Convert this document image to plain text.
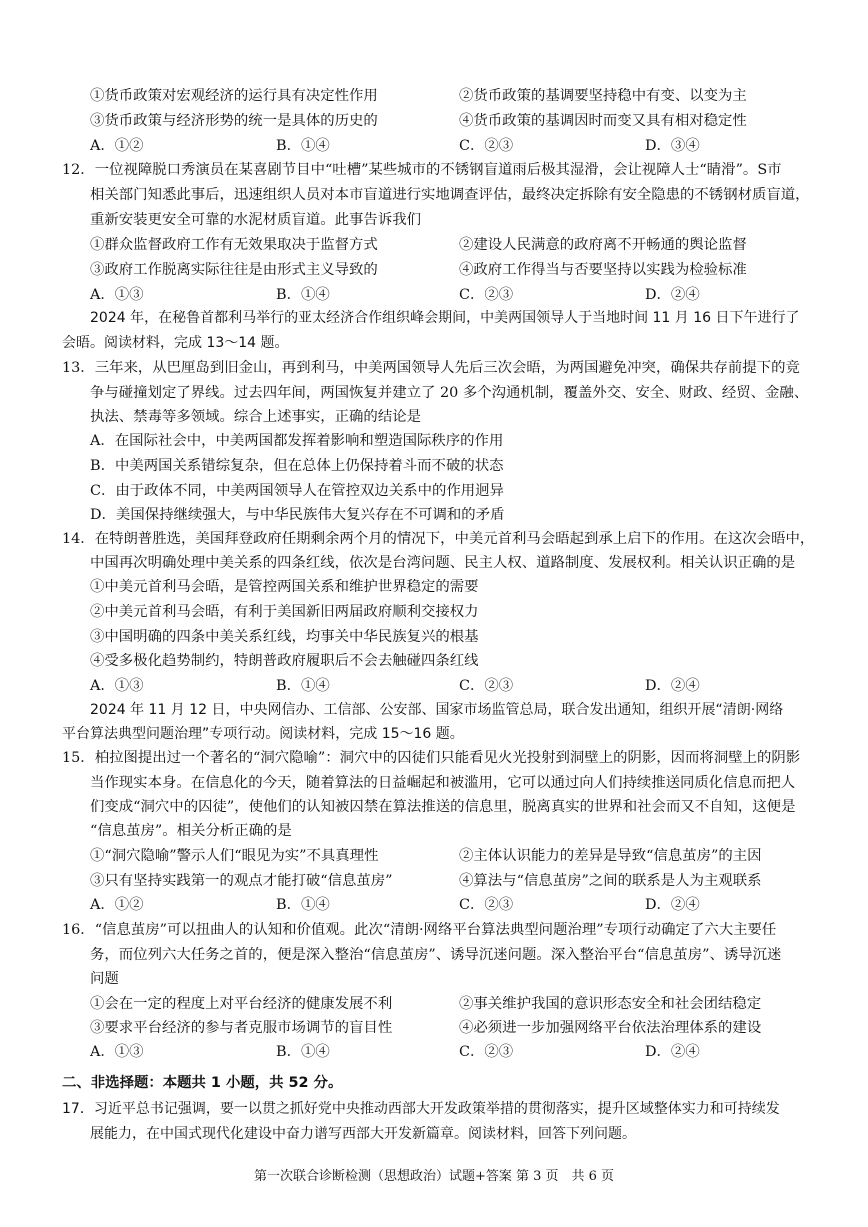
①货币政策对宏观经济的运行具有决定性作用	②货币政策的基调要坚持稳中有变、以变为主
③货币政策与经济形势的统一是具体的历史的	④货币政策的基调因时而变又具有相对稳定性
A．①②	B．①④	C．②③	D．③④
12．一位视障脱口秀演员在某喜剧节目中“吐槽”某些城市的不锈钢盲道雨后极其湿滑，会让视障人士“睛滑”。S市
相关部门知悉此事后，迅速组织人员对本市盲道进行实地调查评估，最终决定拆除有安全隐患的不锈钢材质盲道，
重新安装更安全可靠的水泥材质盲道。此事告诉我们
①群众监督政府工作有无效果取决于监督方式	②建设人民满意的政府离不开畅通的舆论监督
③政府工作脱离实际往往是由形式主义导致的	④政府工作得当与否要坚持以实践为检验标准
A．①③	B．①④	C．②③	D．②④
2024 年，在秘鲁首都利马举行的亚太经济合作组织峰会期间，中美两国领导人于当地时间 11 月 16 日下午进行了
会晤。阅读材料，完成 13～14 题。
13．三年来，从巴厘岛到旧金山，再到利马，中美两国领导人先后三次会晤，为两国避免冲突，确保共存前提下的竞
争与碰撞划定了界线。过去四年间，两国恢复并建立了 20 多个沟通机制，覆盖外交、安全、财政、经贸、金融、
执法、禁毒等多领域。综合上述事实，正确的结论是
A．在国际社会中，中美两国都发挥着影响和塑造国际秩序的作用
B．中美两国关系错综复杂，但在总体上仍保持着斗而不破的状态
C．由于政体不同，中美两国领导人在管控双边关系中的作用迥异
D．美国保持继续强大，与中华民族伟大复兴存在不可调和的矛盾
14．在特朗普胜选，美国拜登政府任期剩余两个月的情况下，中美元首利马会晤起到承上启下的作用。在这次会晤中，
中国再次明确处理中美关系的四条红线，依次是台湾问题、民主人权、道路制度、发展权利。相关认识正确的是
①中美元首利马会晤，是管控两国关系和维护世界稳定的需要
②中美元首利马会晤，有利于美国新旧两届政府顺利交接权力
③中国明确的四条中美关系红线，均事关中华民族复兴的根基
④受多极化趋势制约，特朗普政府履职后不会去触碰四条红线
A．①③	B．①④	C．②③	D．②④
2024 年 11 月 12 日，中央网信办、工信部、公安部、国家市场监管总局，联合发出通知，组织开展“清朗·网络
平台算法典型问题治理”专项行动。阅读材料，完成 15～16 题。
15．柏拉图提出过一个著名的“洞穴隐喻”：洞穴中的囚徒们只能看见火光投射到洞壁上的阴影，因而将洞壁上的阴影
当作现实本身。在信息化的今天，随着算法的日益崛起和被滥用，它可以通过向人们持续推送同质化信息而把人
们变成“洞穴中的囚徒”，使他们的认知被囚禁在算法推送的信息里，脱离真实的世界和社会而又不自知，这便是
“信息茧房”。相关分析正确的是
①“洞穴隐喻”警示人们“眼见为实”不具真理性	②主体认识能力的差异是导致“信息茧房”的主因
③只有坚持实践第一的观点才能打破“信息茧房”	④算法与“信息茧房”之间的联系是人为主观联系
A．①②	B．①④	C．②③	D．②④
16．“信息茧房”可以扭曲人的认知和价值观。此次“清朗·网络平台算法典型问题治理”专项行动确定了六大主要任
务，而位列六大任务之首的，便是深入整治“信息茧房”、诱导沉迷问题。深入整治平台“信息茧房”、诱导沉迷
问题
①会在一定的程度上对平台经济的健康发展不利	②事关维护我国的意识形态安全和社会团结稳定
③要求平台经济的参与者克服市场调节的盲目性	④必须进一步加强网络平台依法治理体系的建设
A．①③	B．①④	C．②③	D．②④
二、非选择题：本题共 1 小题，共 52 分。
17．习近平总书记强调，要一以贯之抓好党中央推动西部大开发政策举措的贯彻落实，提升区域整体实力和可持续发
展能力，在中国式现代化建设中奋力谱写西部大开发新篇章。阅读材料，回答下列问题。
第一次联合诊断检测（思想政治）试题+答案 第 3 页　共 6 页
